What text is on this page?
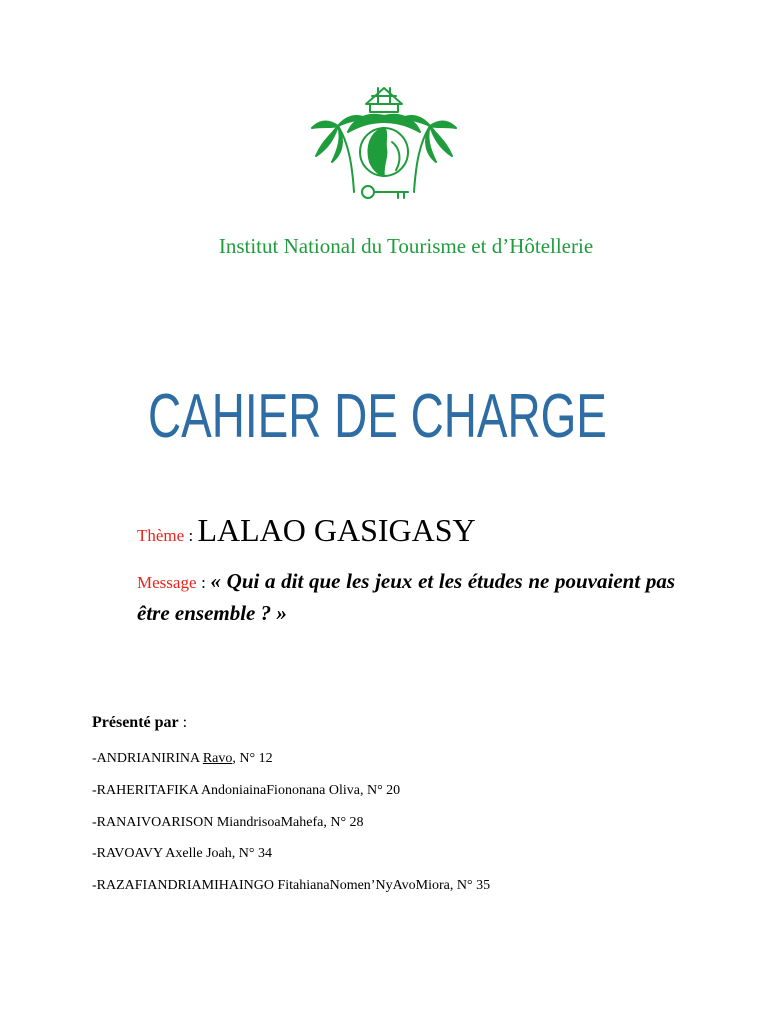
Institut National du Tourisme et d’Hôtellerie
CAHIER DE CHARGE
Thème : LALAO GASIGASY
Message : « Qui a dit que les jeux et les études ne pouvaient pas être ensemble ? »
Présenté par :
-ANDRIANIRINA Ravo, N° 12
-RAHERITAFIKA AndoniainaFiononana Oliva, N° 20
-RANAIVOARISON MiandrisoaMahefa, N° 28
-RAVOAVY Axelle Joah, N° 34
-RAZAFIANDRIAMIHAINGO FitahianaNomen’NyAvoMiora, N° 35
